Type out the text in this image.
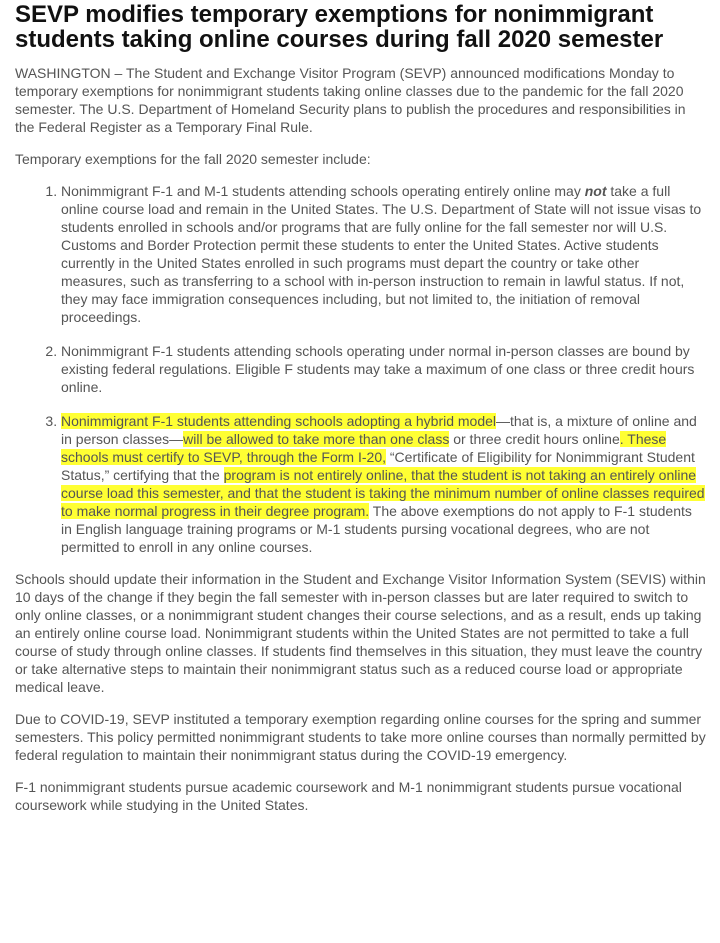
SEVP modifies temporary exemptions for nonimmigrant students taking online courses during fall 2020 semester

WASHINGTON – The Student and Exchange Visitor Program (SEVP) announced modifications Monday to temporary exemptions for nonimmigrant students taking online classes due to the pandemic for the fall 2020 semester. The U.S. Department of Homeland Security plans to publish the procedures and responsibilities in the Federal Register as a Temporary Final Rule.

Temporary exemptions for the fall 2020 semester include:

1. Nonimmigrant F-1 and M-1 students attending schools operating entirely online may not take a full online course load and remain in the United States. The U.S. Department of State will not issue visas to students enrolled in schools and/or programs that are fully online for the fall semester nor will U.S. Customs and Border Protection permit these students to enter the United States. Active students currently in the United States enrolled in such programs must depart the country or take other measures, such as transferring to a school with in-person instruction to remain in lawful status. If not, they may face immigration consequences including, but not limited to, the initiation of removal proceedings.
2. Nonimmigrant F-1 students attending schools operating under normal in-person classes are bound by existing federal regulations. Eligible F students may take a maximum of one class or three credit hours online.
3. Nonimmigrant F-1 students attending schools adopting a hybrid model—that is, a mixture of online and in person classes—will be allowed to take more than one class or three credit hours online. These schools must certify to SEVP, through the Form I-20, “Certificate of Eligibility for Nonimmigrant Student Status,” certifying that the program is not entirely online, that the student is not taking an entirely online course load this semester, and that the student is taking the minimum number of online classes required to make normal progress in their degree program. The above exemptions do not apply to F-1 students in English language training programs or M-1 students pursing vocational degrees, who are not permitted to enroll in any online courses.

Schools should update their information in the Student and Exchange Visitor Information System (SEVIS) within 10 days of the change if they begin the fall semester with in-person classes but are later required to switch to only online classes, or a nonimmigrant student changes their course selections, and as a result, ends up taking an entirely online course load. Nonimmigrant students within the United States are not permitted to take a full course of study through online classes. If students find themselves in this situation, they must leave the country or take alternative steps to maintain their nonimmigrant status such as a reduced course load or appropriate medical leave.

Due to COVID-19, SEVP instituted a temporary exemption regarding online courses for the spring and summer semesters. This policy permitted nonimmigrant students to take more online courses than normally permitted by federal regulation to maintain their nonimmigrant status during the COVID-19 emergency.

F-1 nonimmigrant students pursue academic coursework and M-1 nonimmigrant students pursue vocational coursework while studying in the United States.
